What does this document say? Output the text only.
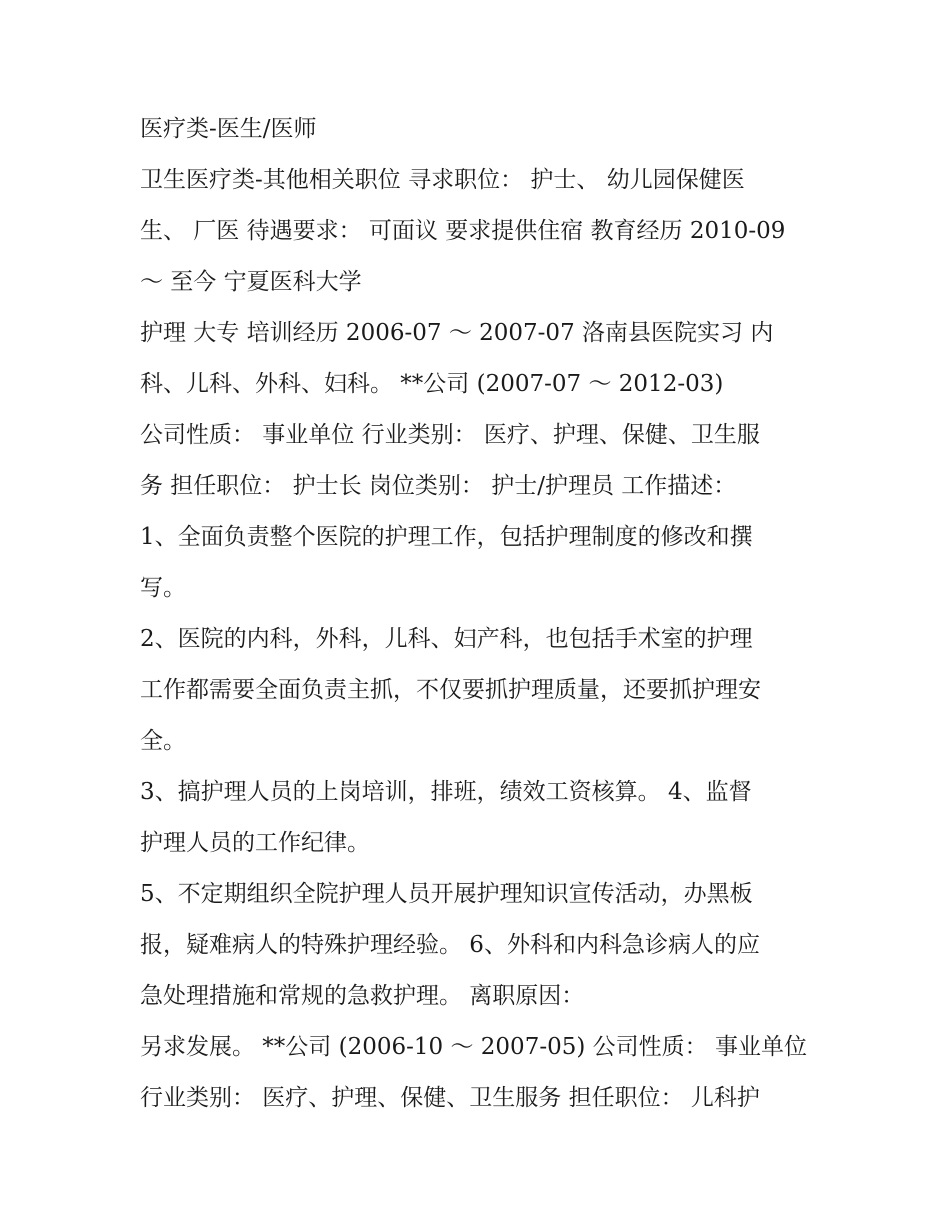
医疗类-医生/医师
卫生医疗类-其他相关职位 寻求职位： 护士、 幼儿园保健医
生、 厂医 待遇要求： 可面议 要求提供住宿 教育经历 2010-09
～ 至今 宁夏医科大学
护理 大专 培训经历 2006-07 ～ 2007-07 洛南县医院实习 内
科、儿科、外科、妇科。 **公司 (2007-07 ～ 2012-03)
公司性质： 事业单位 行业类别： 医疗、护理、保健、卫生服
务 担任职位： 护士长 岗位类别： 护士/护理员 工作描述：
1、全面负责整个医院的护理工作，包括护理制度的修改和撰
写。
2、医院的内科，外科，儿科、妇产科，也包括手术室的护理
工作都需要全面负责主抓，不仅要抓护理质量，还要抓护理安
全。
3、搞护理人员的上岗培训，排班，绩效工资核算。 4、监督
护理人员的工作纪律。
5、不定期组织全院护理人员开展护理知识宣传活动，办黑板
报，疑难病人的特殊护理经验。 6、外科和内科急诊病人的应
急处理措施和常规的急救护理。 离职原因：
另求发展。 **公司 (2006-10 ～ 2007-05) 公司性质： 事业单位
行业类别： 医疗、护理、保健、卫生服务 担任职位： 儿科护
